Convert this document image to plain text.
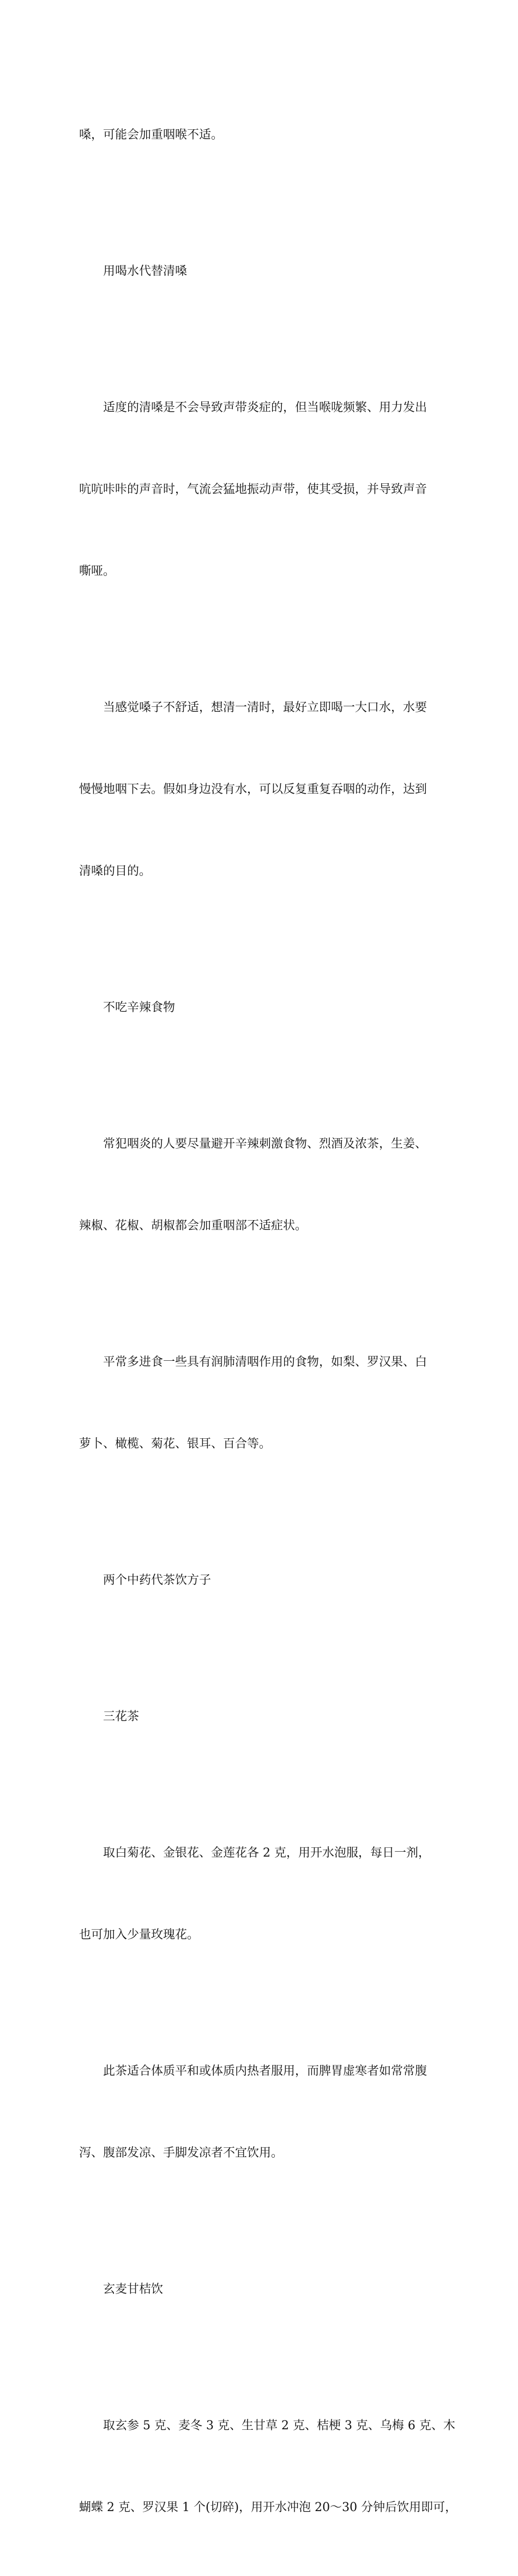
嗓，可能会加重咽喉不适。

用喝水代替清嗓

适度的清嗓是不会导致声带炎症的，但当喉咙频繁、用力发出

吭吭咔咔的声音时，气流会猛地振动声带，使其受损，并导致声音

嘶哑。

当感觉嗓子不舒适，想清一清时，最好立即喝一大口水，水要

慢慢地咽下去。假如身边没有水，可以反复重复吞咽的动作，达到

清嗓的目的。

不吃辛辣食物

常犯咽炎的人要尽量避开辛辣刺激食物、烈酒及浓茶，生姜、

辣椒、花椒、胡椒都会加重咽部不适症状。

平常多进食一些具有润肺清咽作用的食物，如梨、罗汉果、白

萝卜、橄榄、菊花、银耳、百合等。

两个中药代茶饮方子

三花茶

取白菊花、金银花、金莲花各 2 克，用开水泡服，每日一剂，

也可加入少量玫瑰花。

此茶适合体质平和或体质内热者服用，而脾胃虚寒者如常常腹

泻、腹部发凉、手脚发凉者不宜饮用。

玄麦甘桔饮

取玄参 5 克、麦冬 3 克、生甘草 2 克、桔梗 3 克、乌梅 6 克、木

蝴蝶 2 克、罗汉果 1 个(切碎)，用开水冲泡 20～30 分钟后饮用即可，
